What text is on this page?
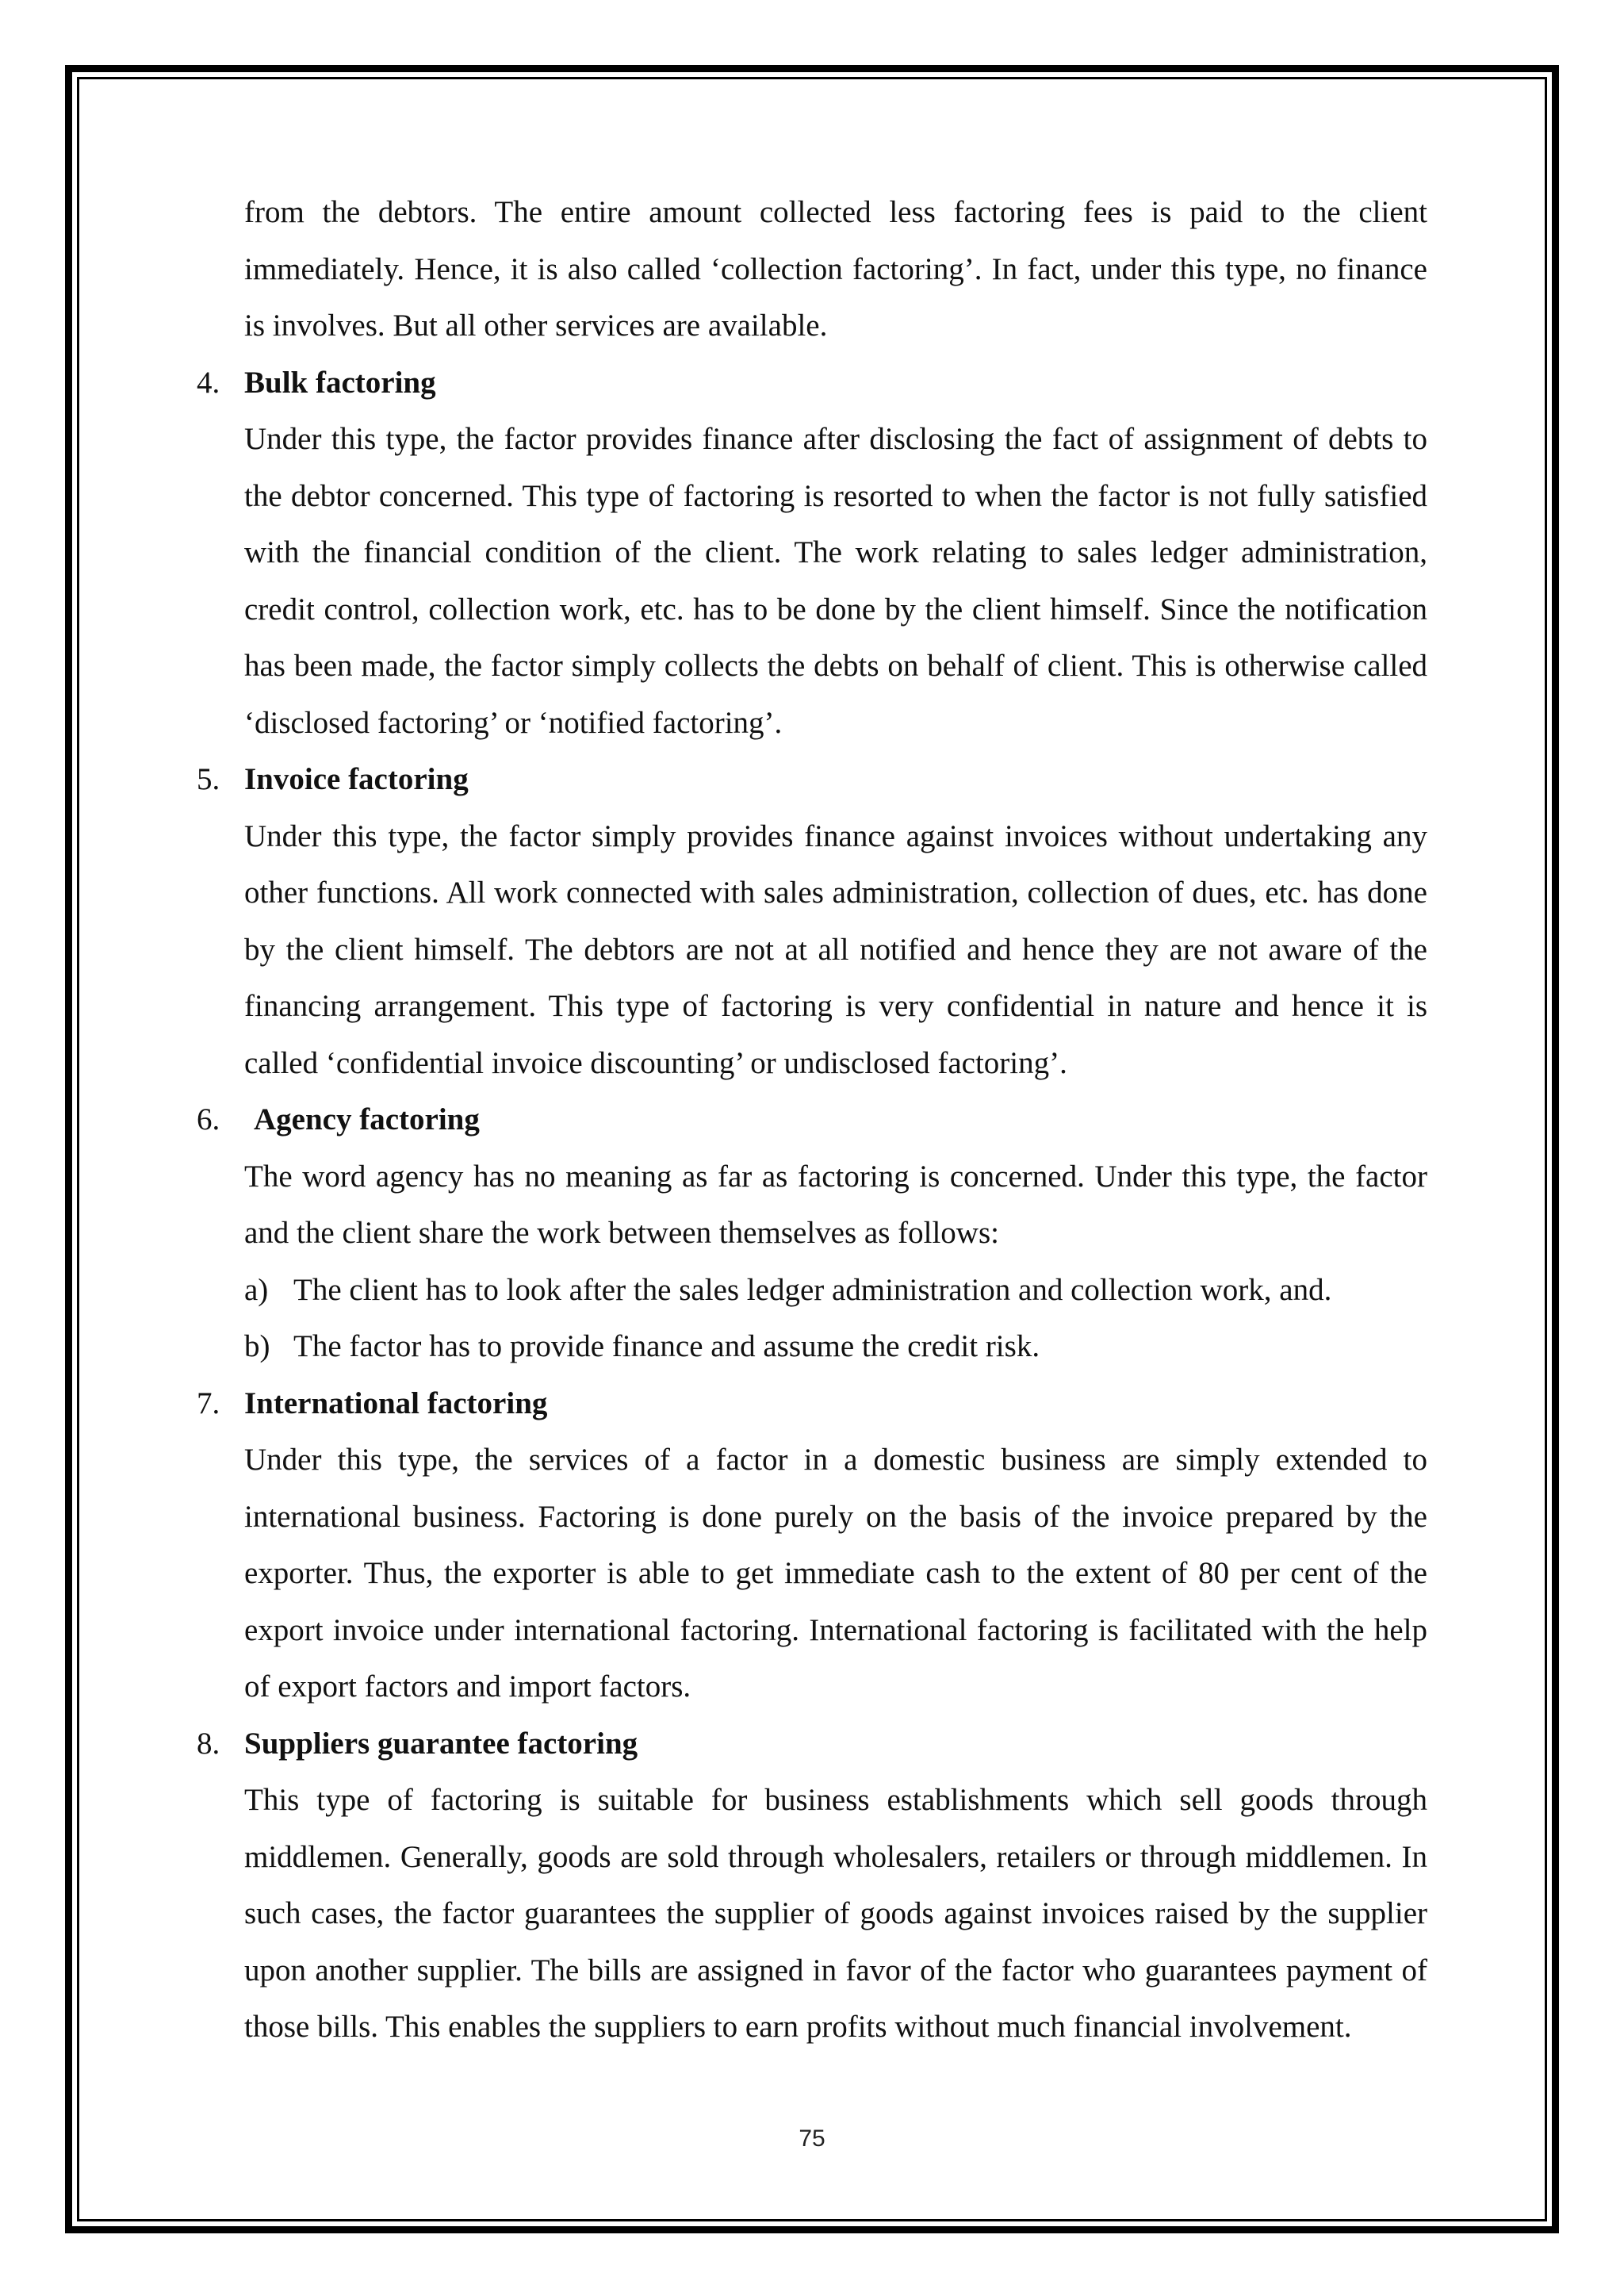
from the debtors. The entire amount collected less factoring fees is paid to the client immediately. Hence, it is also called ‘collection factoring’. In fact, under this type, no finance is involves. But all other services are available.

4. Bulk factoring

Under this type, the factor provides finance after disclosing the fact of assignment of debts to the debtor concerned. This type of factoring is resorted to when the factor is not fully satisfied with the financial condition of the client. The work relating to sales ledger administration, credit control, collection work, etc. has to be done by the client himself. Since the notification has been made, the factor simply collects the debts on behalf of client. This is otherwise called ‘disclosed factoring’ or ‘notified factoring’.

5. Invoice factoring

Under this type, the factor simply provides finance against invoices without undertaking any other functions. All work connected with sales administration, collection of dues, etc. has done by the client himself. The debtors are not at all notified and hence they are not aware of the financing arrangement. This type of factoring is very confidential in nature and hence it is called ‘confidential invoice discounting’ or undisclosed factoring’.

6. Agency factoring

The word agency has no meaning as far as factoring is concerned. Under this type, the factor and the client share the work between themselves as follows:

a) The client has to look after the sales ledger administration and collection work, and.
b) The factor has to provide finance and assume the credit risk.

7. International factoring

Under this type, the services of a factor in a domestic business are simply extended to international business. Factoring is done purely on the basis of the invoice prepared by the exporter. Thus, the exporter is able to get immediate cash to the extent of 80 per cent of the export invoice under international factoring. International factoring is facilitated with the help of export factors and import factors.

8. Suppliers guarantee factoring

This type of factoring is suitable for business establishments which sell goods through middlemen. Generally, goods are sold through wholesalers, retailers or through middlemen. In such cases, the factor guarantees the supplier of goods against invoices raised by the supplier upon another supplier. The bills are assigned in favor of the factor who guarantees payment of those bills. This enables the suppliers to earn profits without much financial involvement.

75
